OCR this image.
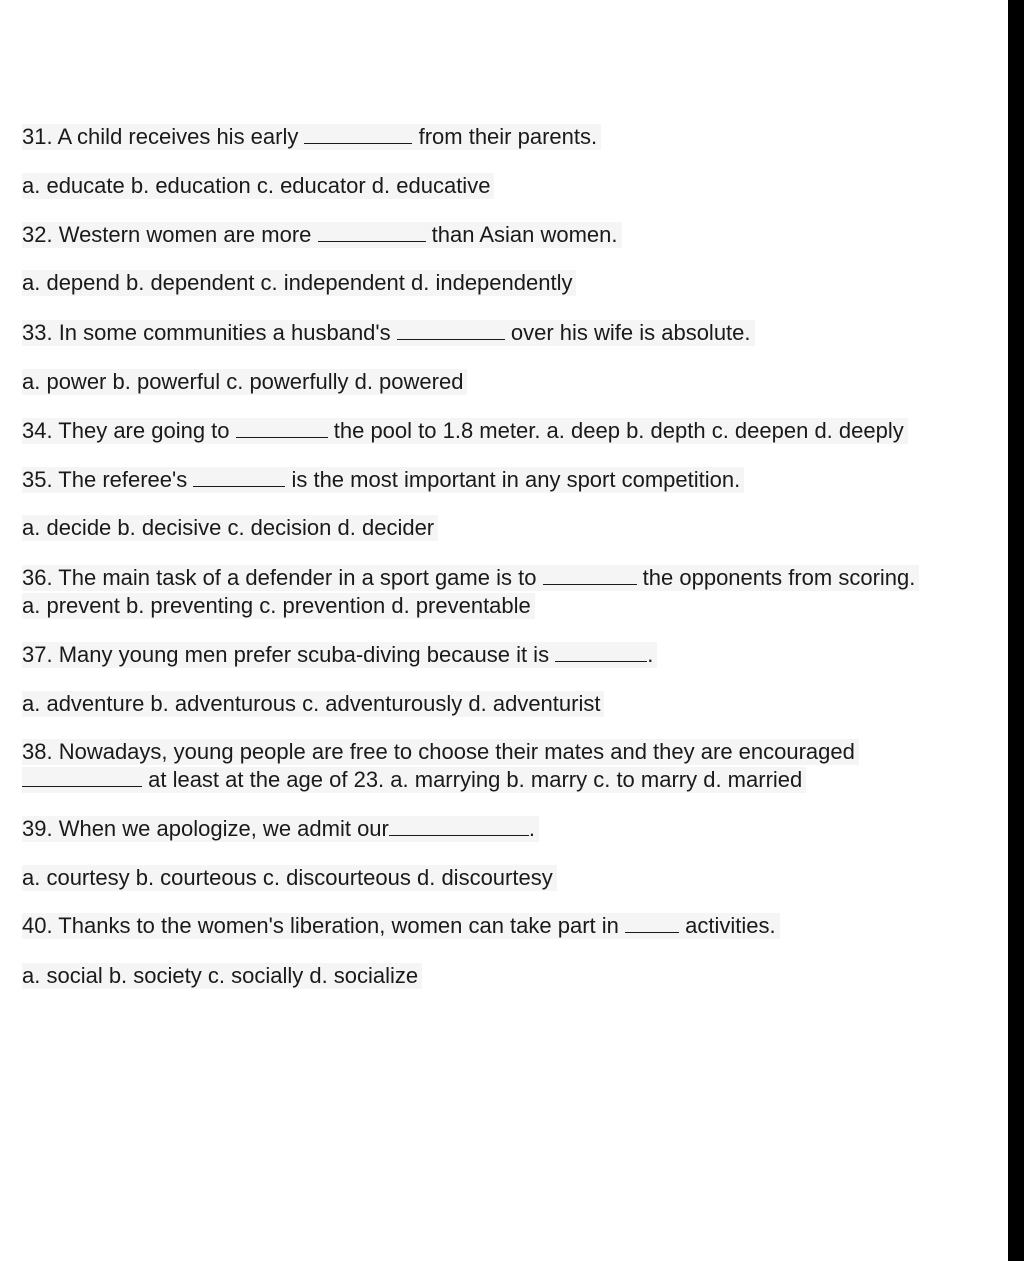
31. A child receives his early	from their parents.
a. educate b. education c. educator d. educative
32. Western women are more	than Asian women.
a. depend b. dependent c. independent d. independently
33. In some communities a husband's	over his wife is absolute.
a. power b. powerful c. powerfully d. powered
34. They are going to	the pool to 1.8 meter. a. deep b. depth c. deepen d. deeply
35. The referee's	is the most important in any sport competition.
a. decide b. decisive c. decision d. decider
36. The main task of a defender in a sport game is to	the opponents from scoring.
a. prevent b. preventing c. prevention d. preventable
37. Many young men prefer scuba-diving because it is	.
a. adventure b. adventurous c. adventurously d. adventurist
38. Nowadays, young people are free to choose their mates and they are encouraged
at least at the age of 23. a. marrying b. marry c. to marry d. married
39. When we apologize, we admit our	.
a. courtesy b. courteous c. discourteous d. discourtesy
40. Thanks to the women's liberation, women can take part in  activities.
a. social b. society c. socially d. socialize
